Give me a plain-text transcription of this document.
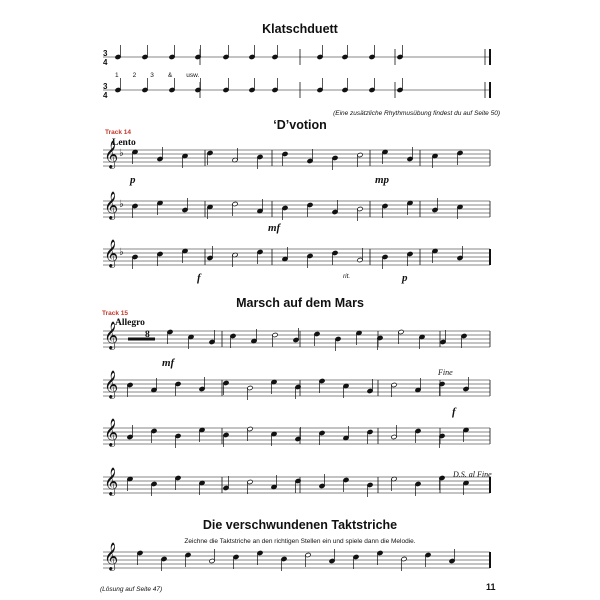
Klatschduett
1 2 3 & usw.
(Eine zusätzliche Rhythmusübung findest du auf Seite 50)
‘D’votion
Track 14
Lento
p	mp
mf
f	rit.	p
Marsch auf dem Mars
Track 15
Allegro
8
mf
f
Fine
D.S. al Fine
Die verschwundenen Taktstriche
Zeichne die Taktstriche an den richtigen Stellen ein und spiele dann die Melodie.
(Lösung auf Seite 47)	11
3
4
3
4
𝄞 ♭
𝄞 ♭
𝄞 ♭
𝄞
𝄞
𝄞
𝄞
𝄞
